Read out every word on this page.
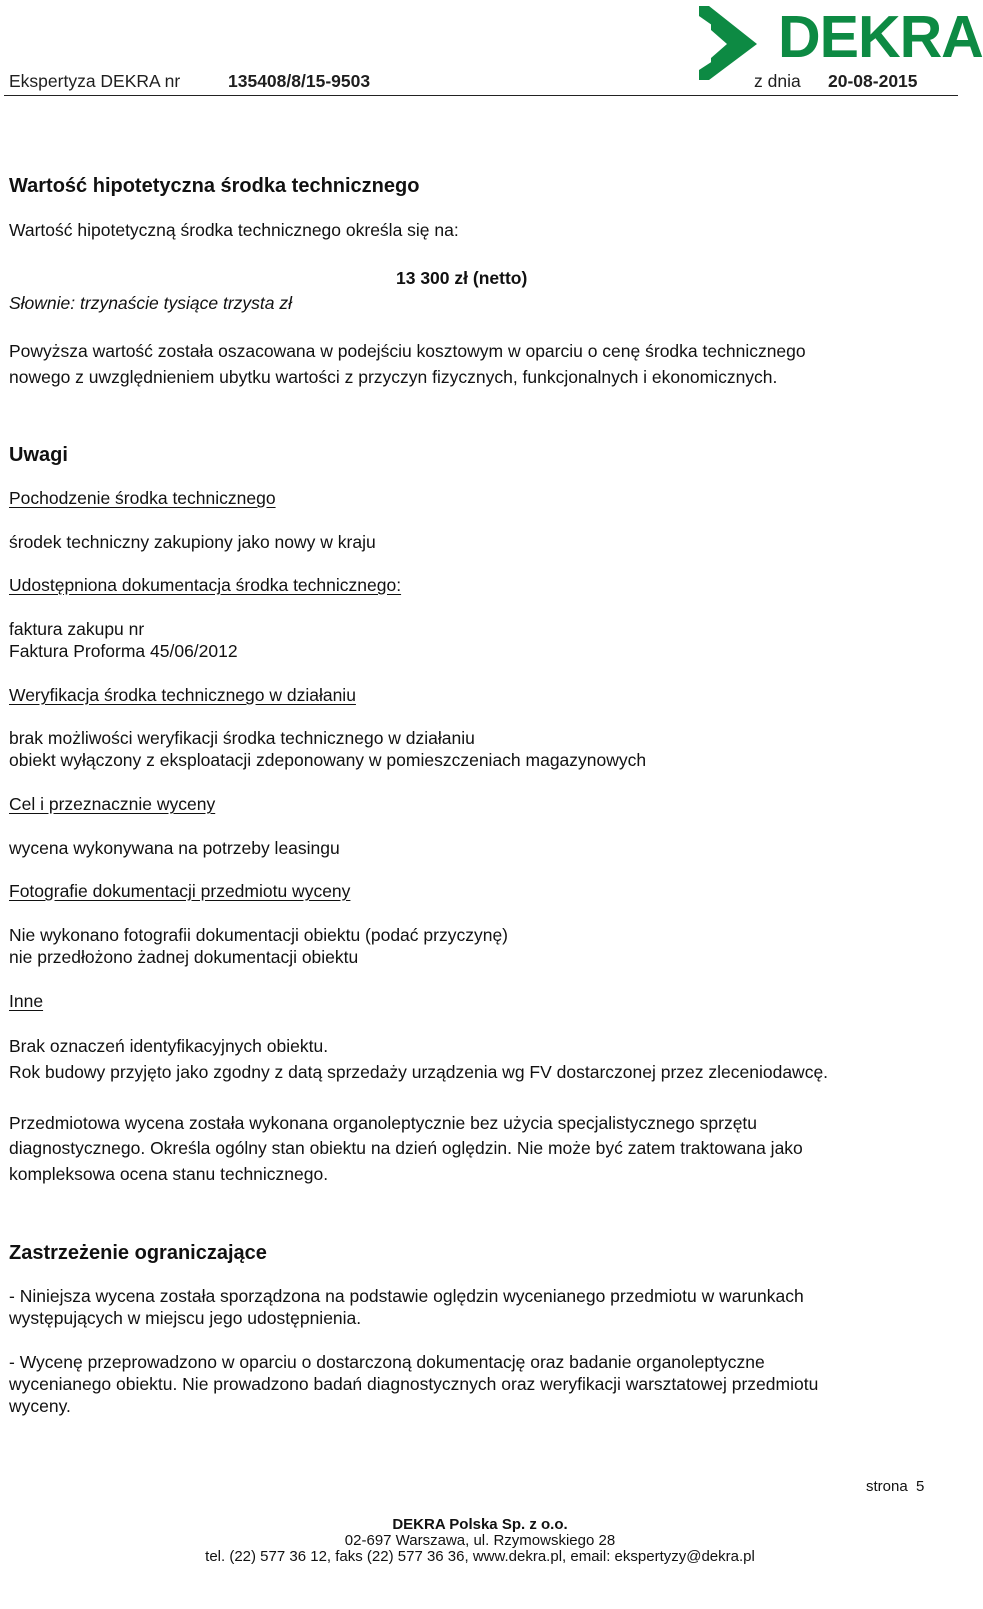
Ekspertyza DEKRA nr	135408/8/15-9503	z dnia 20-08-2015
DEKRA
Wartość hipotetyczna środka technicznego
Wartość hipotetyczną środka technicznego określa się na:
13 300 zł (netto)
Słownie: trzynaście tysiące trzysta zł
Powyższa wartość została oszacowana w podejściu kosztowym w oparciu o cenę środka technicznego
nowego z uwzględnieniem ubytku wartości z przyczyn fizycznych, funkcjonalnych i ekonomicznych.
Uwagi
Pochodzenie środka technicznego
środek techniczny zakupiony jako nowy w kraju
Udostępniona dokumentacja środka technicznego:
faktura zakupu nr
Faktura Proforma 45/06/2012
Weryfikacja środka technicznego w działaniu
brak możliwości weryfikacji środka technicznego w działaniu
obiekt wyłączony z eksploatacji zdeponowany w pomieszczeniach magazynowych
Cel i przeznacznie wyceny
wycena wykonywana na potrzeby leasingu
Fotografie dokumentacji przedmiotu wyceny
Nie wykonano fotografii dokumentacji obiektu (podać przyczynę)
nie przedłożono żadnej dokumentacji obiektu
Inne
Brak oznaczeń identyfikacyjnych obiektu.
Rok budowy przyjęto jako zgodny z datą sprzedaży urządzenia wg FV dostarczonej przez zleceniodawcę.
Przedmiotowa wycena została wykonana organoleptycznie bez użycia specjalistycznego sprzętu
diagnostycznego. Określa ogólny stan obiektu na dzień oględzin. Nie może być zatem traktowana jako
kompleksowa ocena stanu technicznego.
Zastrzeżenie ograniczające
- Niniejsza wycena została sporządzona na podstawie oględzin wycenianego przedmiotu w warunkach
występujących w miejscu jego udostępnienia.
- Wycenę przeprowadzono w oparciu o dostarczoną dokumentację oraz badanie organoleptyczne
wycenianego obiektu. Nie prowadzono badań diagnostycznych oraz weryfikacji warsztatowej przedmiotu
wyceny.
strona 5
DEKRA Polska Sp. z o.o.
02-697 Warszawa, ul. Rzymowskiego 28
tel. (22) 577 36 12, faks (22) 577 36 36, www.dekra.pl, email: ekspertyzy@dekra.pl
